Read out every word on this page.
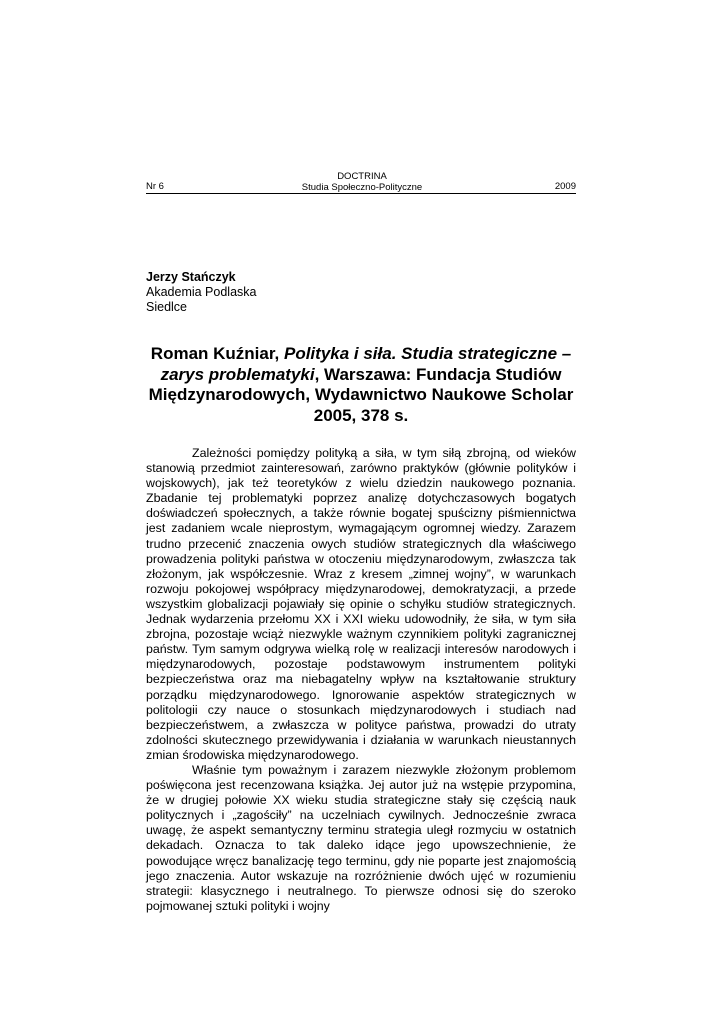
DOCTRINA
Studia Społeczno-Polityczne
Nr 6	2009
Jerzy Stańczyk
Akademia Podlaska
Siedlce
Roman Kuźniar, Polityka i siła. Studia strategiczne – zarys problematyki, Warszawa: Fundacja Studiów Międzynarodowych, Wydawnictwo Naukowe Scholar 2005, 378 s.

Zależności pomiędzy polityką a siła, w tym siłą zbrojną, od wieków stanowią przedmiot zainteresowań, zarówno praktyków (głównie polityków i wojskowych), jak też teoretyków z wielu dziedzin naukowego poznania. Zbadanie tej problematyki poprzez analizę dotychczasowych bogatych doświadczeń społecznych, a także równie bogatej spuścizny piśmiennictwa jest zadaniem wcale nieprostym, wymagającym ogromnej wiedzy. Zarazem trudno przecenić znaczenia owych studiów strategicznych dla właściwego prowadzenia polityki państwa w otoczeniu międzynarodowym, zwłaszcza tak złożonym, jak współczesnie. Wraz z kresem „zimnej wojny”, w warunkach rozwoju pokojowej współpracy międzynarodowej, demokratyzacji, a przede wszystkim globalizacji pojawiały się opinie o schyłku studiów strategicznych. Jednak wydarzenia przełomu XX i XXI wieku udowodniły, że siła, w tym siła zbrojna, pozostaje wciąż niezwykle ważnym czynnikiem polityki zagranicznej państw. Tym samym odgrywa wielką rolę w realizacji interesów narodowych i międzynarodowych, pozostaje podstawowym instrumentem polityki bezpieczeństwa oraz ma niebagatelny wpływ na kształtowanie struktury porządku międzynarodowego. Ignorowanie aspektów strategicznych w politologii czy nauce o stosunkach międzynarodowych i studiach nad bezpieczeństwem, a zwłaszcza w polityce państwa, prowadzi do utraty zdolności skutecznego przewidywania i działania w warunkach nieustannych zmian środowiska międzynarodowego.

Właśnie tym poważnym i zarazem niezwykle złożonym problemom poświęcona jest recenzowana książka. Jej autor już na wstępie przypomina, że w drugiej połowie XX wieku studia strategiczne stały się częścią nauk politycznych i „zagościły” na uczelniach cywilnych. Jednocześnie zwraca uwagę, że aspekt semantyczny terminu strategia uległ rozmyciu w ostatnich dekadach. Oznacza to tak daleko idące jego upowszechnienie, że powodujące wręcz banalizację tego terminu, gdy nie poparte jest znajomością jego znaczenia. Autor wskazuje na rozróżnienie dwóch ujęć w rozumieniu strategii: klasycznego i neutralnego. To pierwsze odnosi się do szeroko pojmowanej sztuki polityki i wojny
